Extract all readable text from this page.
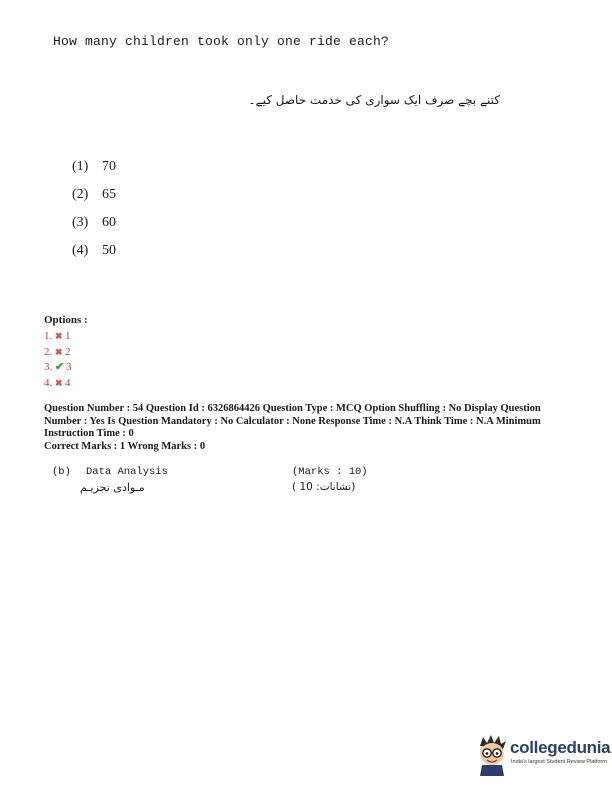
How many children took only one ride each?
کتنے بچے صرف ایک سواری کی خدمت حاصل کیے۔
(1) 70
(2) 65
(3) 60
(4) 50
Options :
1. ✖ 1
2. ✖ 2
3. ✔ 3
4. ✖ 4

Question Number : 54 Question Id : 6326864426 Question Type : MCQ Option Shuffling : No Display Question Number : Yes Is Question Mandatory : No Calculator : None Response Time : N.A Think Time : N.A Minimum Instruction Time : 0

Correct Marks : 1 Wrong Marks : 0

(b) Data Analysis	(Marks : 10)
مـوادی تجزیـم	( نشانات: 10)
collegedunia
India's largest Student Review Platform
